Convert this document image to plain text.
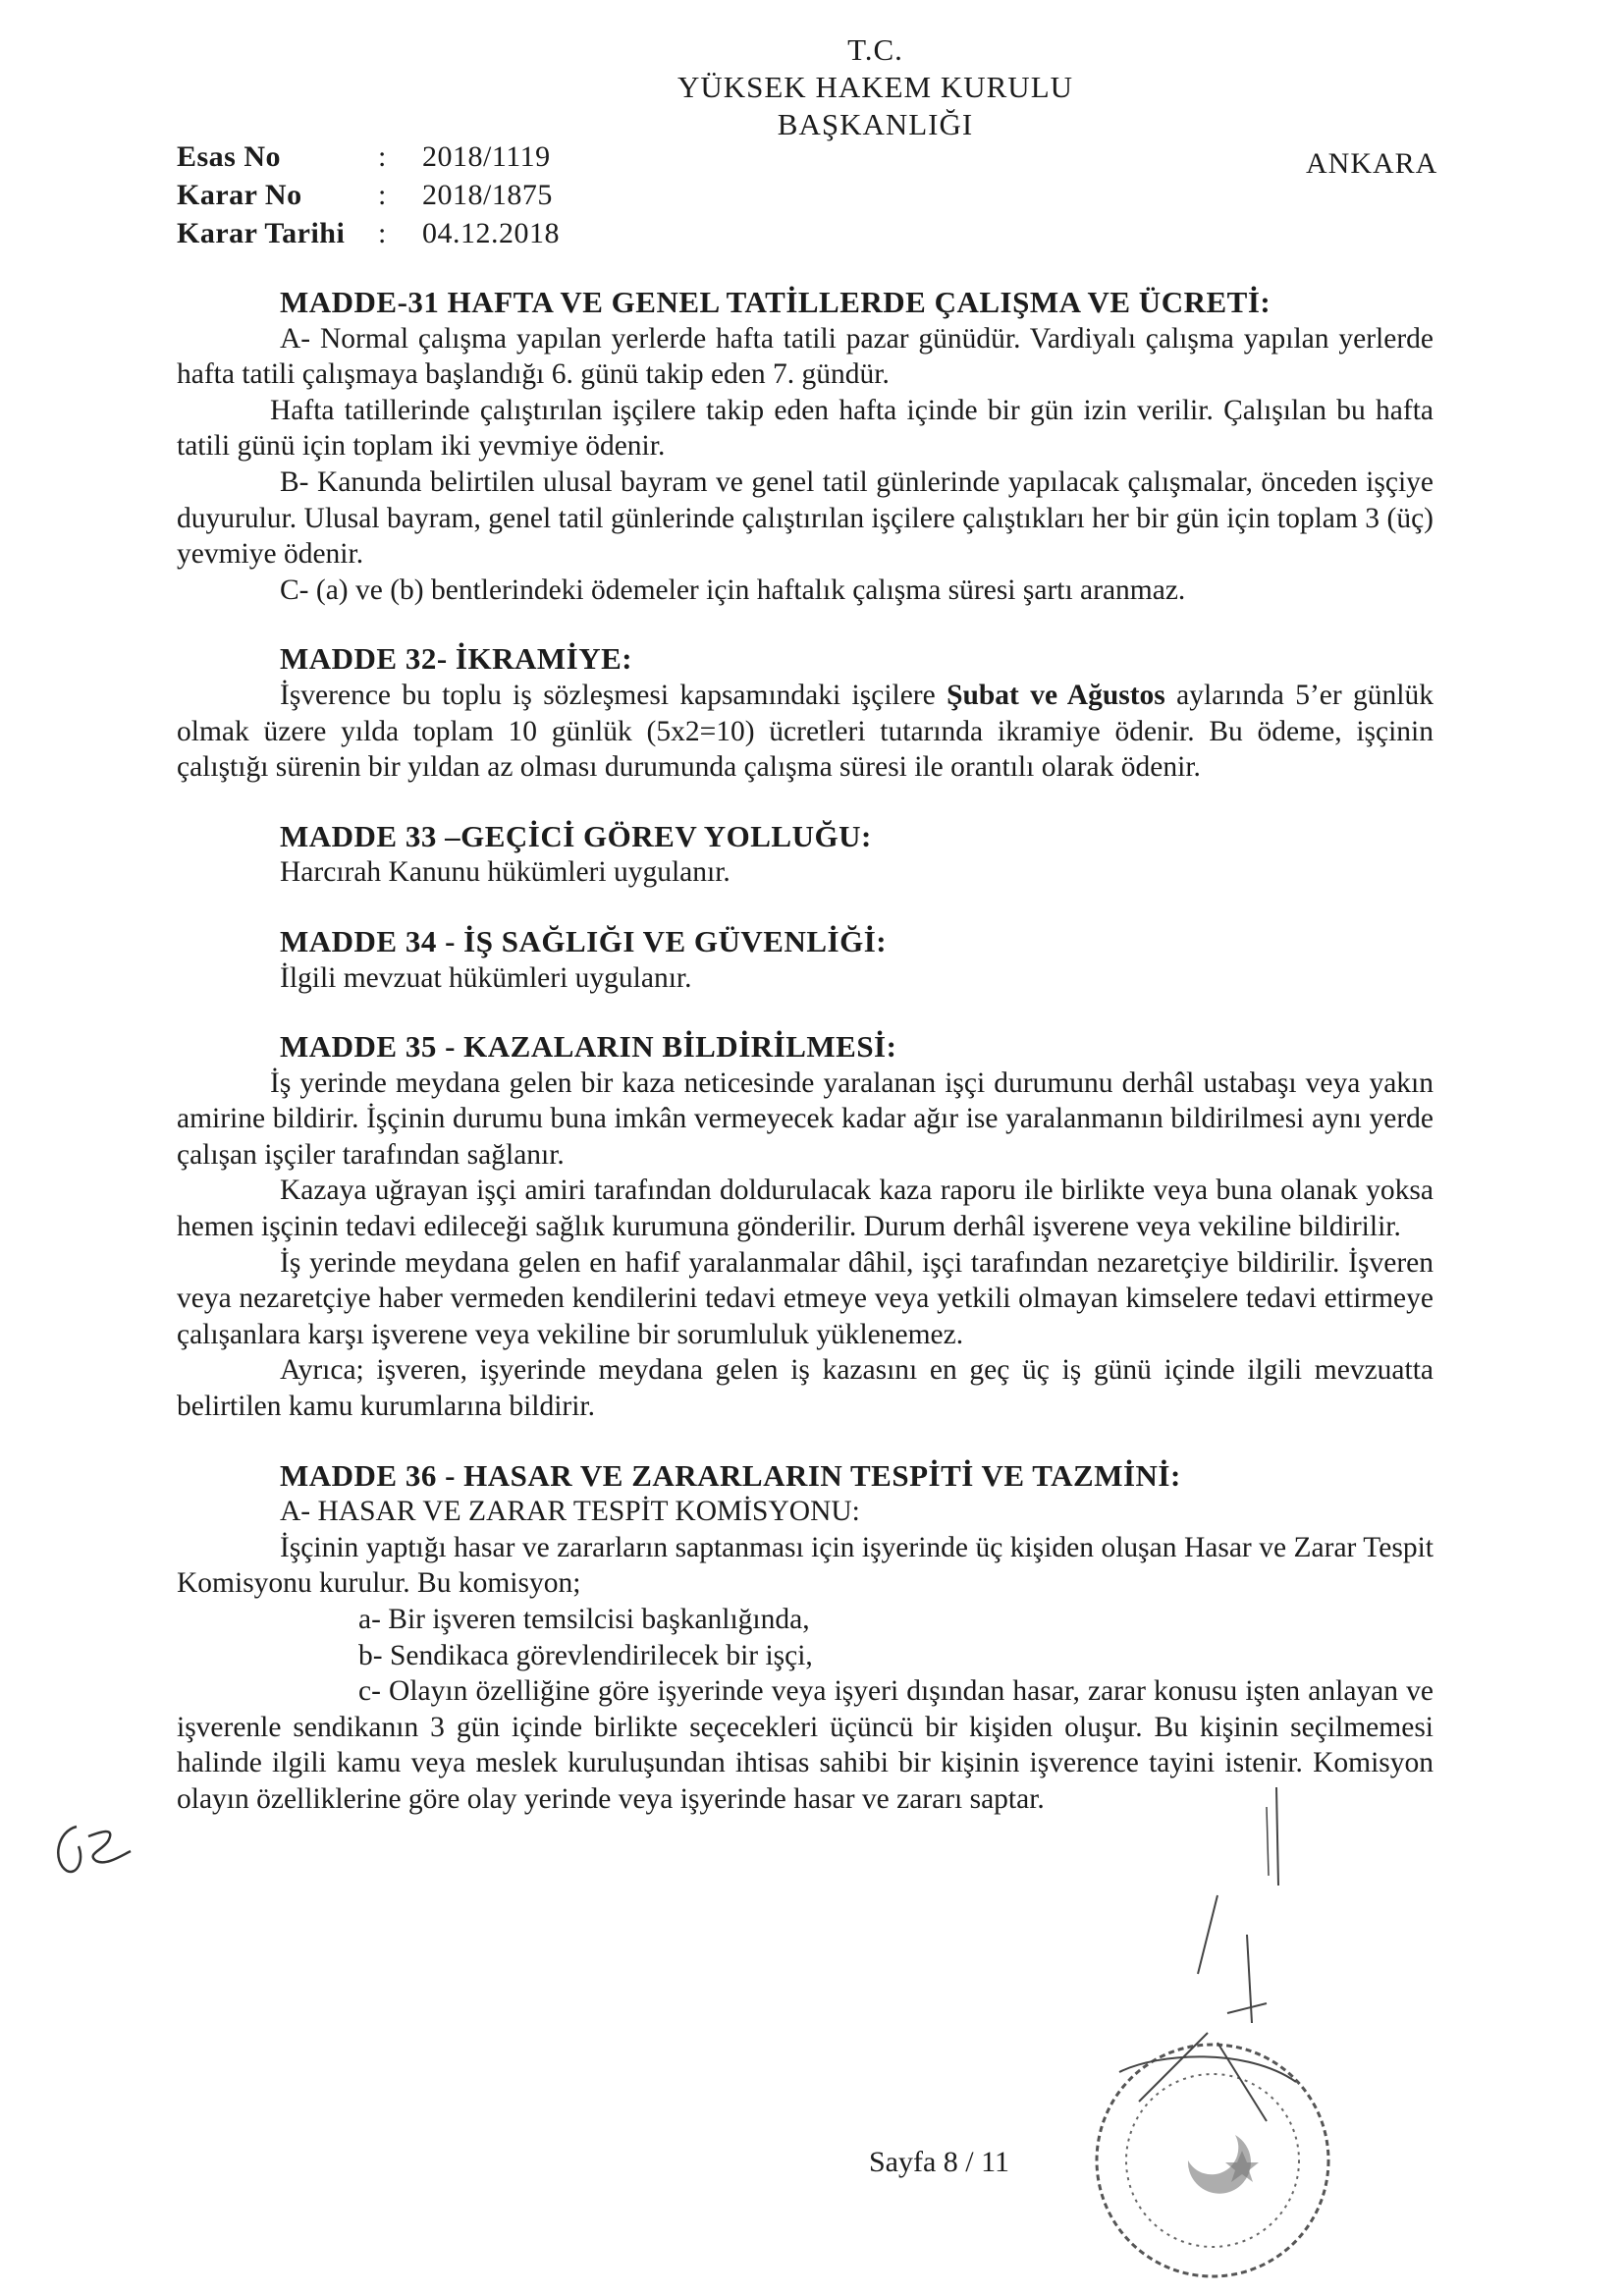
T.C.
YÜKSEK HAKEM KURULU
BAŞKANLIĞI
Esas No	:	2018/1119
Karar No	:	2018/1875
Karar Tarihi	:	04.12.2018
ANKARA
MADDE-31 HAFTA VE GENEL TATİLLERDE ÇALIŞMA VE ÜCRETİ:

A- Normal çalışma yapılan yerlerde hafta tatili pazar günüdür. Vardiyalı çalışma yapılan yerlerde hafta tatili çalışmaya başlandığı 6. günü takip eden 7. gündür.

Hafta tatillerinde çalıştırılan işçilere takip eden hafta içinde bir gün izin verilir. Çalışılan bu hafta tatili günü için toplam iki yevmiye ödenir.

B- Kanunda belirtilen ulusal bayram ve genel tatil günlerinde yapılacak çalışmalar, önceden işçiye duyurulur. Ulusal bayram, genel tatil günlerinde çalıştırılan işçilere çalıştıkları her bir gün için toplam 3 (üç) yevmiye ödenir.

C- (a) ve (b) bentlerindeki ödemeler için haftalık çalışma süresi şartı aranmaz.

MADDE 32- İKRAMİYE:

İşverence bu toplu iş sözleşmesi kapsamındaki işçilere Şubat ve Ağustos aylarında 5’er günlük olmak üzere yılda toplam 10 günlük (5x2=10) ücretleri tutarında ikramiye ödenir. Bu ödeme, işçinin çalıştığı sürenin bir yıldan az olması durumunda çalışma süresi ile orantılı olarak ödenir.

MADDE 33 –GEÇİCİ GÖREV YOLLUĞU:

Harcırah Kanunu hükümleri uygulanır.

MADDE 34 - İŞ SAĞLIĞI VE GÜVENLİĞİ:

İlgili mevzuat hükümleri uygulanır.

MADDE 35 - KAZALARIN BİLDİRİLMESİ:

İş yerinde meydana gelen bir kaza neticesinde yaralanan işçi durumunu derhâl ustabaşı veya yakın amirine bildirir. İşçinin durumu buna imkân vermeyecek kadar ağır ise yaralanmanın bildirilmesi aynı yerde çalışan işçiler tarafından sağlanır.

Kazaya uğrayan işçi amiri tarafından doldurulacak kaza raporu ile birlikte veya buna olanak yoksa hemen işçinin tedavi edileceği sağlık kurumuna gönderilir. Durum derhâl işverene veya vekiline bildirilir.

İş yerinde meydana gelen en hafif yaralanmalar dâhil, işçi tarafından nezaretçiye bildirilir. İşveren veya nezaretçiye haber vermeden kendilerini tedavi etmeye veya yetkili olmayan kimselere tedavi ettirmeye çalışanlara karşı işverene veya vekiline bir sorumluluk yüklenemez.

Ayrıca; işveren, işyerinde meydana gelen iş kazasını en geç üç iş günü içinde ilgili mevzuatta belirtilen kamu kurumlarına bildirir.

MADDE 36 - HASAR VE ZARARLARIN TESPİTİ VE TAZMİNİ:

A- HASAR VE ZARAR TESPİT KOMİSYONU:

İşçinin yaptığı hasar ve zararların saptanması için işyerinde üç kişiden oluşan Hasar ve Zarar Tespit Komisyonu kurulur. Bu komisyon;

a- Bir işveren temsilcisi başkanlığında,

b- Sendikaca görevlendirilecek bir işçi,

c- Olayın özelliğine göre işyerinde veya işyeri dışından hasar, zarar konusu işten anlayan ve işverenle sendikanın 3 gün içinde birlikte seçecekleri üçüncü bir kişiden oluşur. Bu kişinin seçilmemesi halinde ilgili kamu veya meslek kuruluşundan ihtisas sahibi bir kişinin işverence tayini istenir. Komisyon olayın özelliklerine göre olay yerinde veya işyerinde hasar ve zararı saptar.

Sayfa 8 / 11
